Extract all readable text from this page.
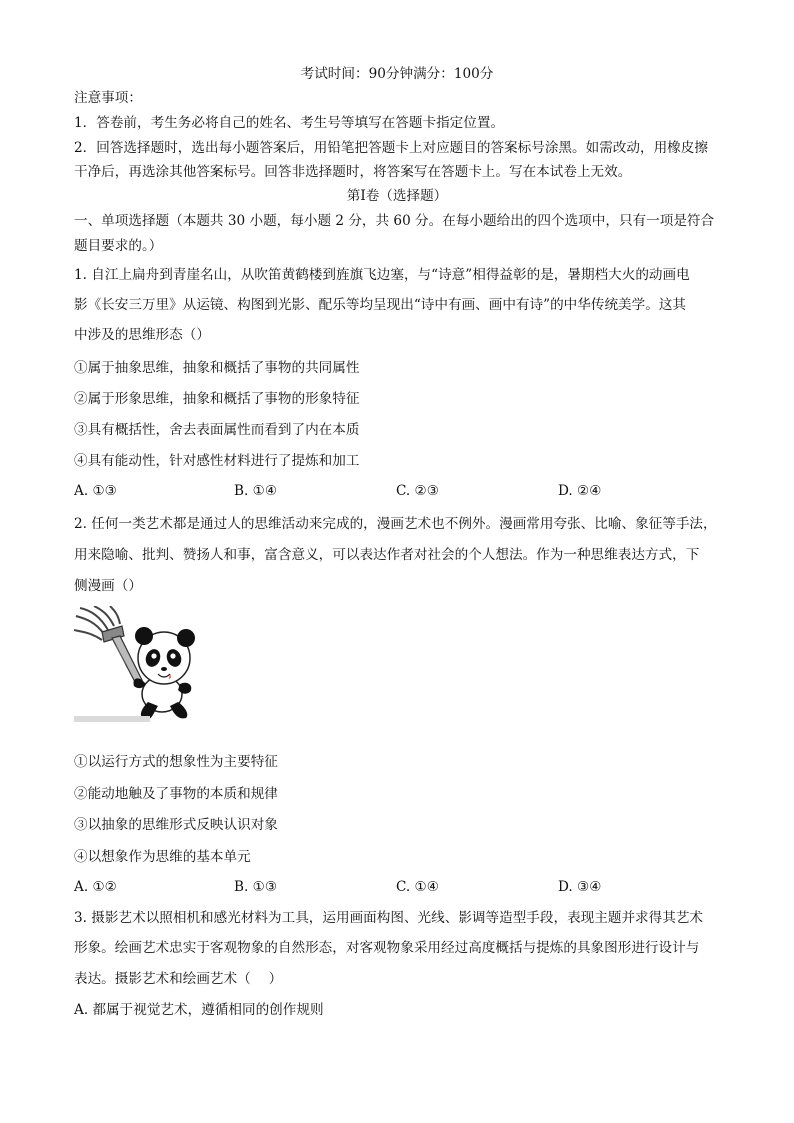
考试时间：90分钟满分：100分
注意事项：
1．答卷前，考生务必将自己的姓名、考生号等填写在答题卡指定位置。
2．回答选择题时，选出每小题答案后，用铅笔把答题卡上对应题目的答案标号涂黑。如需改动，用橡皮擦
干净后，再选涂其他答案标号。回答非选择题时，将答案写在答题卡上。写在本试卷上无效。
第Ⅰ卷（选择题）
一、单项选择题（本题共 30 小题，每小题 2 分，共 60 分。在每小题给出的四个选项中，只有一项是符合
题目要求的。）
1. 自江上扁舟到青崖名山，从吹笛黄鹤楼到旌旗飞边塞，与“诗意”相得益彰的是，暑期档大火的动画电
影《长安三万里》从运镜、构图到光影、配乐等均呈现出“诗中有画、画中有诗”的中华传统美学。这其
中涉及的思维形态（）
①属于抽象思维，抽象和概括了事物的共同属性
②属于形象思维，抽象和概括了事物的形象特征
③具有概括性，舍去表面属性而看到了内在本质
④具有能动性，针对感性材料进行了提炼和加工
A. ①③	B. ①④	C. ②③	D. ②④
2. 任何一类艺术都是通过人的思维活动来完成的，漫画艺术也不例外。漫画常用夸张、比喻、象征等手法，
用来隐喻、批判、赞扬人和事，富含意义，可以表达作者对社会的个人想法。作为一种思维表达方式，下
侧漫画（）
①以运行方式的想象性为主要特征
②能动地触及了事物的本质和规律
③以抽象的思维形式反映认识对象
④以想象作为思维的基本单元
A. ①②	B. ①③	C. ①④	D. ③④
3. 摄影艺术以照相机和感光材料为工具，运用画面构图、光线、影调等造型手段，表现主题并求得其艺术
形象。绘画艺术忠实于客观物象的自然形态，对客观物象采用经过高度概括与提炼的具象图形进行设计与
表达。摄影艺术和绘画艺术（　 ）
A. 都属于视觉艺术，遵循相同的创作规则
